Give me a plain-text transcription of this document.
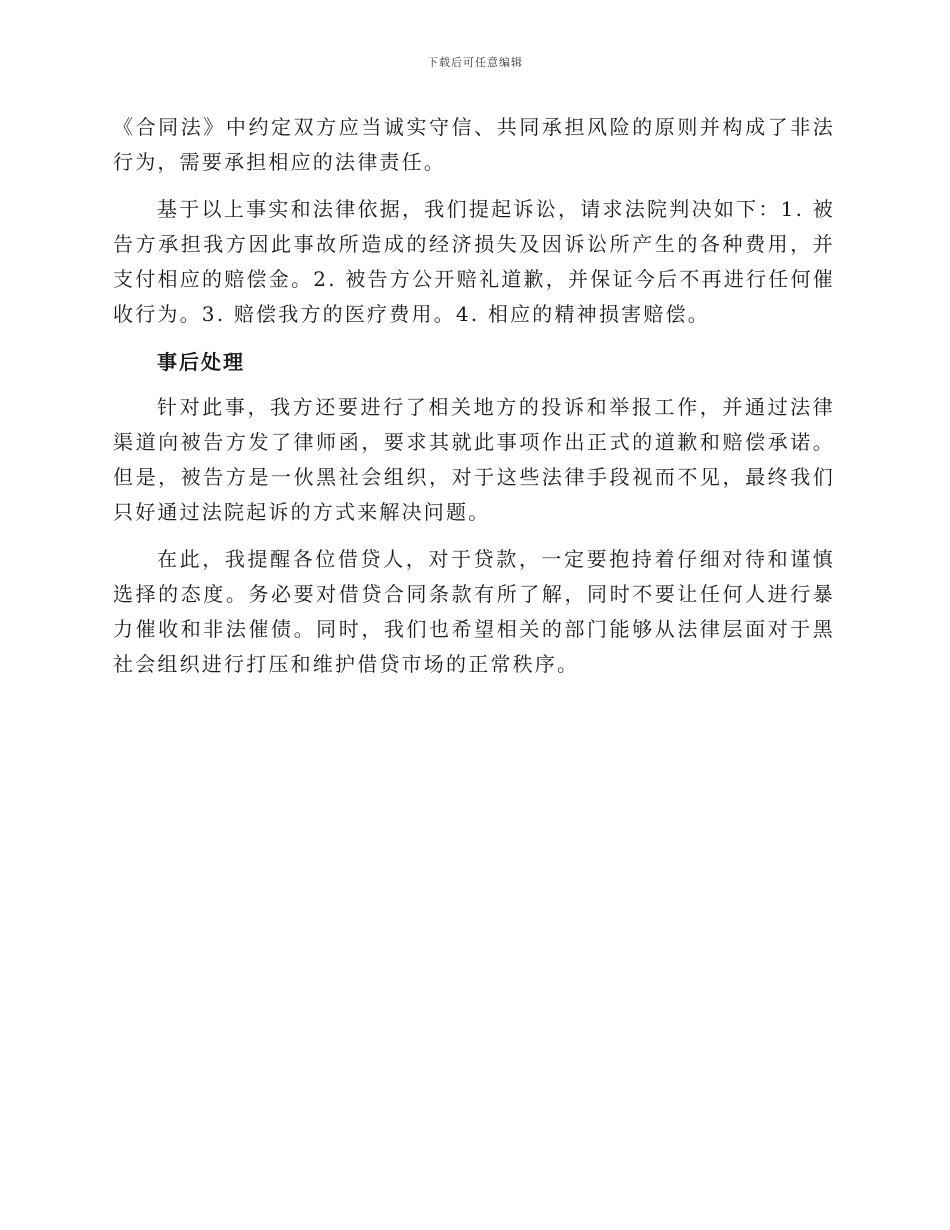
下载后可任意编辑

《合同法》中约定双方应当诚实守信、共同承担风险的原则并构成了非法行为，需要承担相应的法律责任。

基于以上事实和法律依据，我们提起诉讼，请求法院判决如下：1. 被告方承担我方因此事故所造成的经济损失及因诉讼所产生的各种费用，并支付相应的赔偿金。2. 被告方公开赔礼道歉，并保证今后不再进行任何催收行为。3. 赔偿我方的医疗费用。4. 相应的精神损害赔偿。

事后处理

针对此事，我方还要进行了相关地方的投诉和举报工作，并通过法律渠道向被告方发了律师函，要求其就此事项作出正式的道歉和赔偿承诺。但是，被告方是一伙黑社会组织，对于这些法律手段视而不见，最终我们只好通过法院起诉的方式来解决问题。

在此，我提醒各位借贷人，对于贷款，一定要抱持着仔细对待和谨慎选择的态度。务必要对借贷合同条款有所了解，同时不要让任何人进行暴力催收和非法催债。同时，我们也希望相关的部门能够从法律层面对于黑社会组织进行打压和维护借贷市场的正常秩序。
